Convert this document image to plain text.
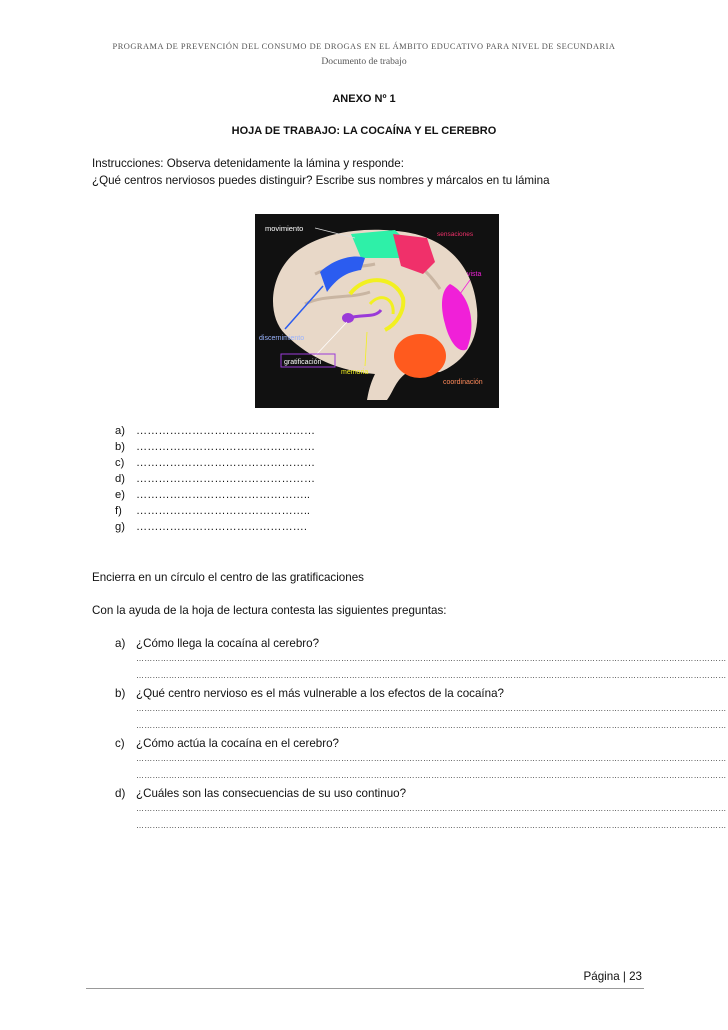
PROGRAMA DE PREVENCIÓN DEL CONSUMO DE DROGAS EN EL ÁMBITO EDUCATIVO PARA NIVEL DE SECUNDARIA
Documento de trabajo
ANEXO Nº 1
HOJA DE TRABAJO: LA COCAÍNA Y EL CEREBRO
Instrucciones: Observa detenidamente la lámina y responde:
¿Qué centros nerviosos puedes distinguir? Escribe sus nombres y márcalos en tu lámina
movimiento
sensaciones
vista
discernimiento
gratificación
memoria
coordinación
a) …………………………………………
b) …………………………………………
c) …………………………………………
d) …………………………………………
e) ………………………………………..
f) ………………………………………..
g) ……………………………………….
Encierra en un círculo el centro de las gratificaciones
Con la ayuda de la hoja de lectura contesta las siguientes preguntas:
a) ¿Cómo llega la cocaína al cerebro?
………………………………………………………………………………………………………………………………………………………………………………………………
………………………………………………………………………………………………………………………………………………………………………………………………
b) ¿Qué centro nervioso es el más vulnerable a los efectos de la cocaína?
………………………………………………………………………………………………………………………………………………………………………………………………
………………………………………………………………………………………………………………………………………………………………………………………………
c) ¿Cómo actúa la cocaína en el cerebro?
………………………………………………………………………………………………………………………………………………………………………………………………
………………………………………………………………………………………………………………………………………………………………………………………………
d) ¿Cuáles son las consecuencias de su uso continuo?
………………………………………………………………………………………………………………………………………………………………………………………………
………………………………………………………………………………………………………………………………………………………………………………………………
Página | 23
